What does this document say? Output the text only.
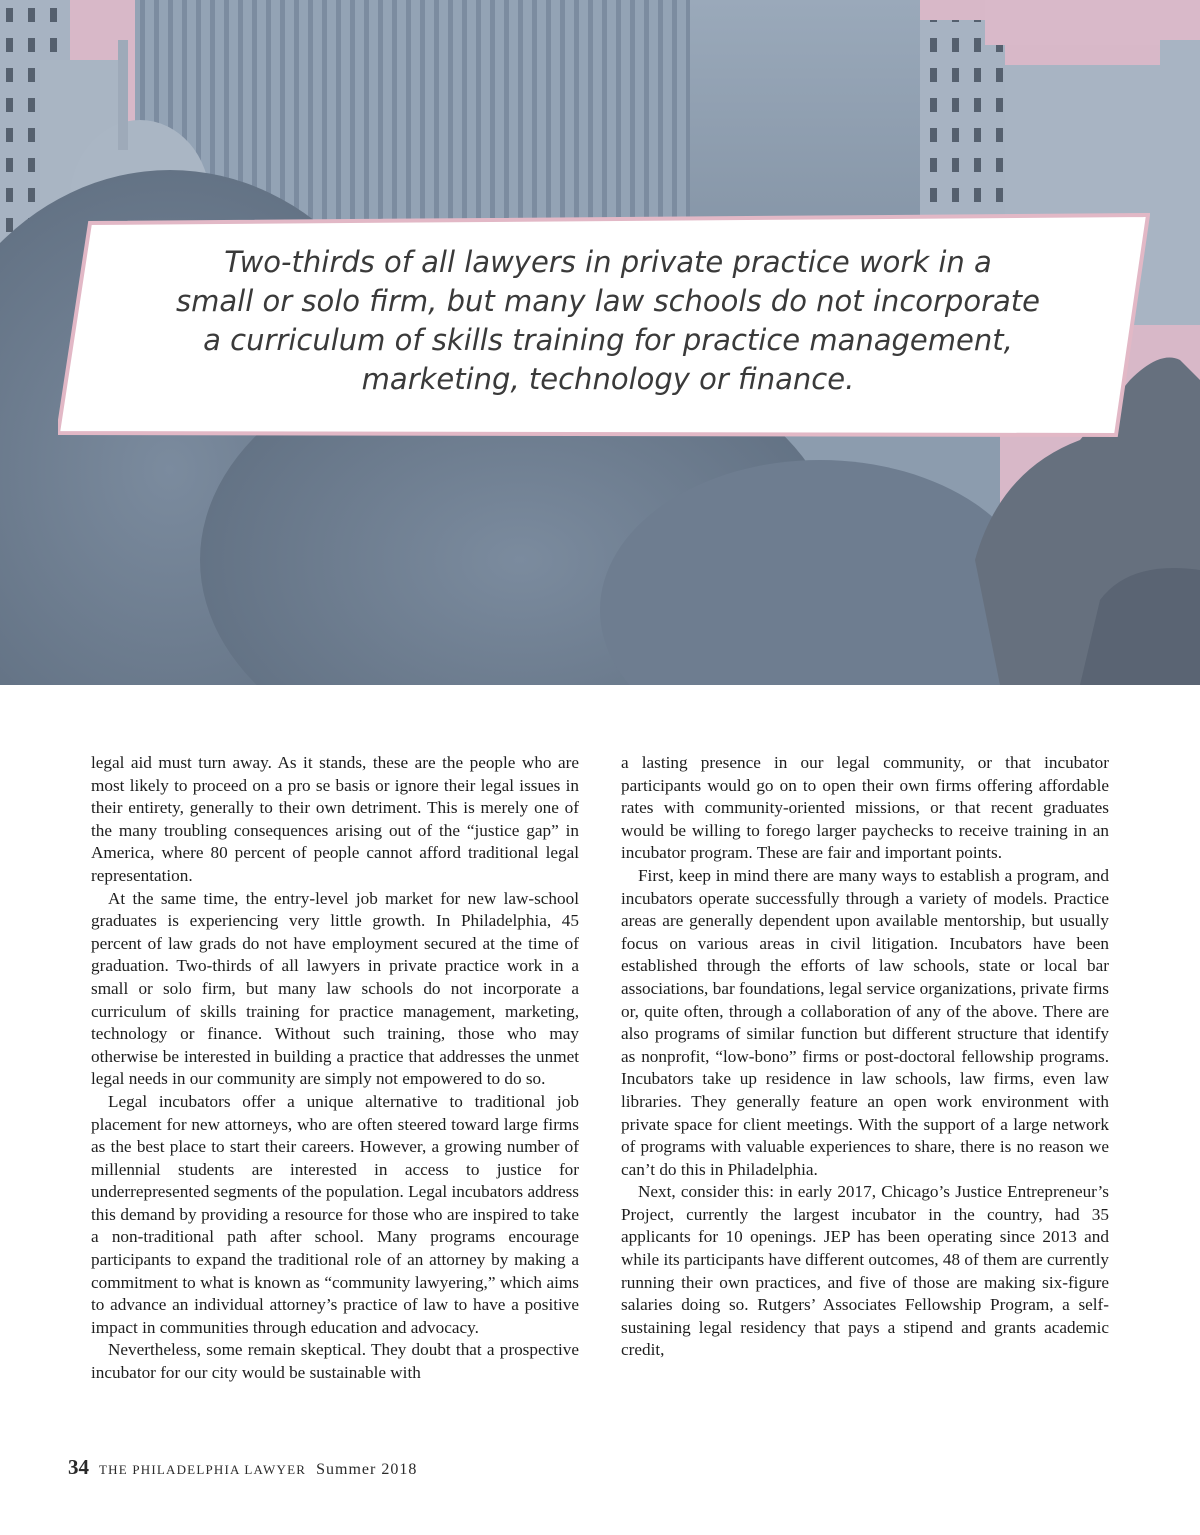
Two-thirds of all lawyers in private practice work in a
small or solo firm, but many law schools do not incorporate
a curriculum of skills training for practice management,
marketing, technology or finance.

legal aid must turn away. As it stands, these are the people who are most likely to proceed on a pro se basis or ignore their legal issues in their entirety, generally to their own detriment. This is merely one of the many troubling consequences arising out of the “justice gap” in America, where 80 percent of people cannot afford traditional legal representation.

At the same time, the entry-level job market for new law-school graduates is experiencing very little growth. In Philadelphia, 45 percent of law grads do not have employment secured at the time of graduation. Two-thirds of all lawyers in private practice work in a small or solo firm, but many law schools do not incorporate a curriculum of skills training for practice management, marketing, technology or finance. Without such training, those who may otherwise be interested in building a practice that addresses the unmet legal needs in our community are simply not empowered to do so.

Legal incubators offer a unique alternative to traditional job placement for new attorneys, who are often steered toward large firms as the best place to start their careers. However, a growing number of millennial students are interested in access to justice for underrepresented segments of the population. Legal incubators address this demand by providing a resource for those who are inspired to take a non-traditional path after school. Many programs encourage participants to expand the traditional role of an attorney by making a commitment to what is known as “community lawyering,” which aims to advance an individual attorney’s practice of law to have a positive impact in communities through education and advocacy.

Nevertheless, some remain skeptical. They doubt that a prospective incubator for our city would be sustainable with

a lasting presence in our legal community, or that incubator participants would go on to open their own firms offering affordable rates with community-oriented missions, or that recent graduates would be willing to forego larger paychecks to receive training in an incubator program. These are fair and important points.

First, keep in mind there are many ways to establish a program, and incubators operate successfully through a variety of models. Practice areas are generally dependent upon available mentorship, but usually focus on various areas in civil litigation. Incubators have been established through the efforts of law schools, state or local bar associations, bar foundations, legal service organizations, private firms or, quite often, through a collaboration of any of the above. There are also programs of similar function but different structure that identify as nonprofit, “low-bono” firms or post-doctoral fellowship programs. Incubators take up residence in law schools, law firms, even law libraries. They generally feature an open work environment with private space for client meetings. With the support of a large network of programs with valuable experiences to share, there is no reason we can’t do this in Philadelphia.

Next, consider this: in early 2017, Chicago’s Justice Entrepreneur’s Project, currently the largest incubator in the country, had 35 applicants for 10 openings. JEP has been operating since 2013 and while its participants have different outcomes, 48 of them are currently running their own practices, and five of those are making six-figure salaries doing so. Rutgers’ Associates Fellowship Program, a self-sustaining legal residency that pays a stipend and grants academic credit,

34 THE PHILADELPHIA LAWYER Summer 2018
